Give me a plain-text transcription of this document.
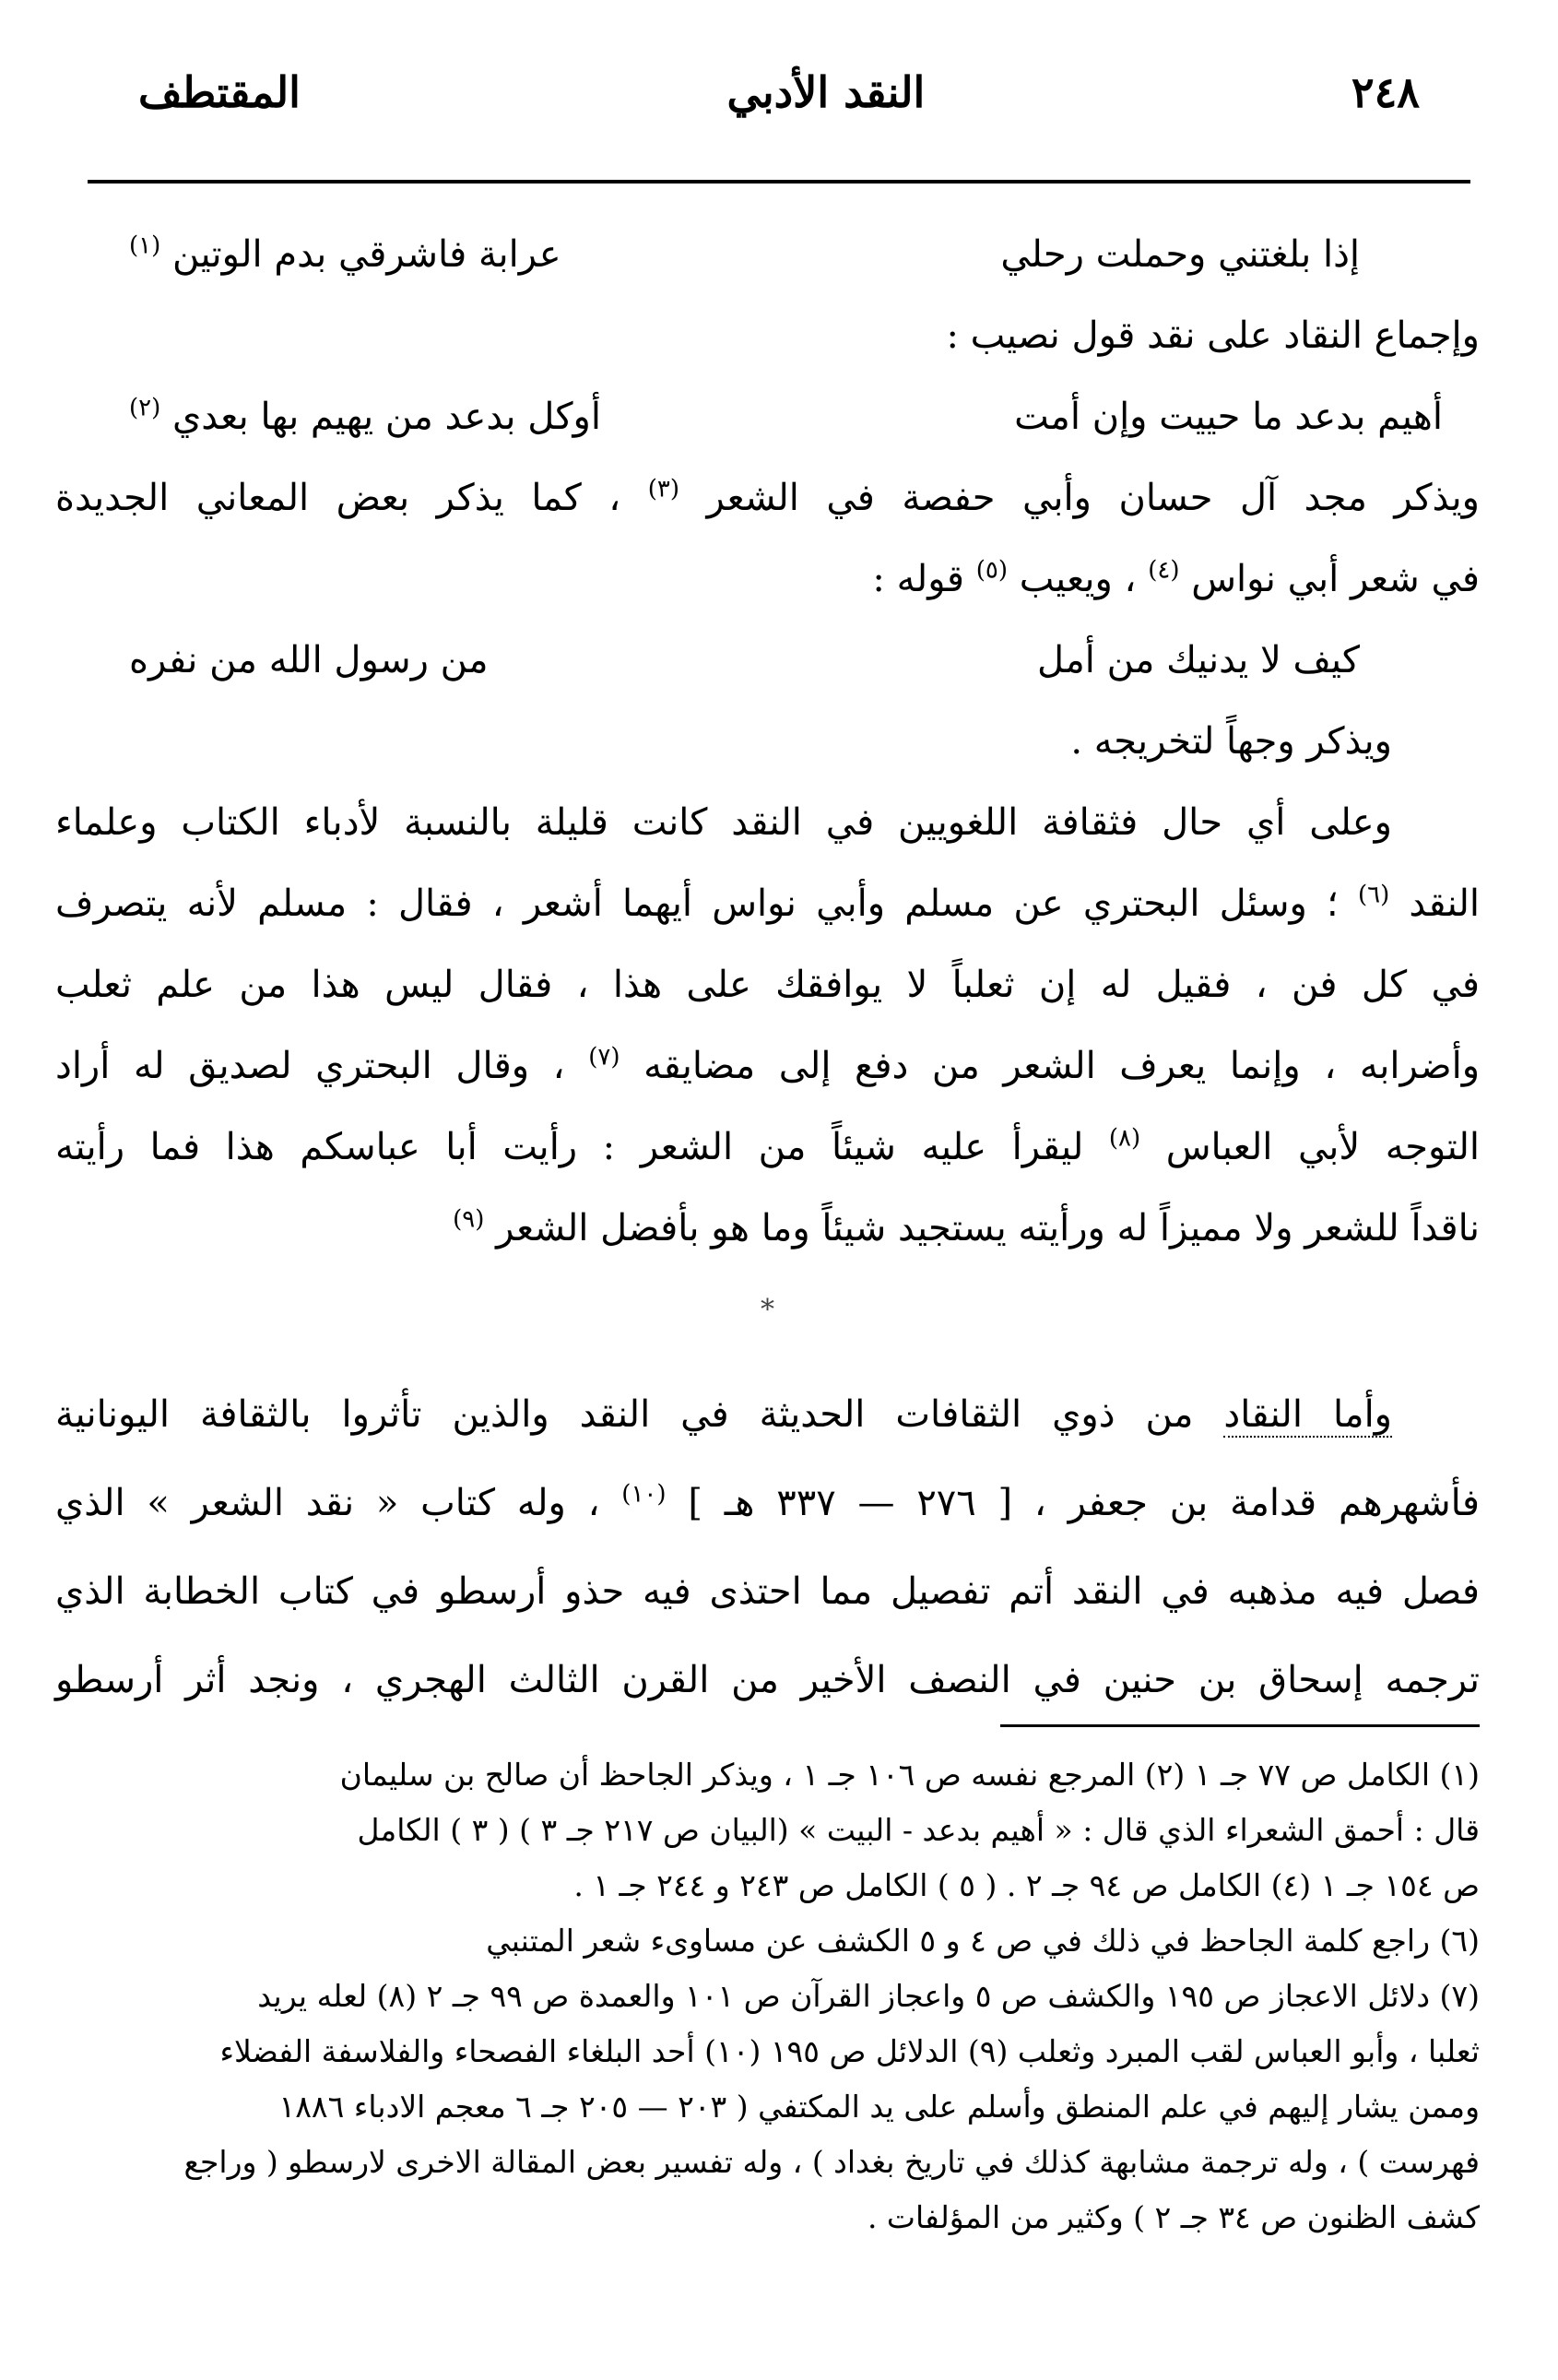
٢٤٨
النقد الأدبي
المقتطف
إذا بلغتني وحملت رحلي
عرابة فاشرقي بدم الوتين $^{(١)}$
وإجماع النقاد على نقد قول نصيب :
أهيم بدعد ما حييت وإن أمت
أوكل بدعد من يهيم بها بعدي $^{(٢)}$
ويذكر مجد آل حسان وأبي حفصة في الشعر $^{(٣)}$ ، كما يذكر بعض المعاني الجديدة
في شعر أبي نواس $^{(٤)}$ ، ويعيب $^{(٥)}$ قوله :
كيف لا يدنيك من أمل
من رسول الله من نفره
ويذكر وجهاً لتخريجه .
وعلى أي حال فثقافة اللغويين في النقد كانت قليلة بالنسبة لأدباء الكتاب وعلماء
النقد $^{(٦)}$ ؛ وسئل البحتري عن مسلم وأبي نواس أيهما أشعر ، فقال : مسلم لأنه يتصرف
في كل فن ، فقيل له إن ثعلباً لا يوافقك على هذا ، فقال ليس هذا من علم ثعلب
وأضرابه ، وإنما يعرف الشعر من دفع إلى مضايقه $^{(٧)}$ ، وقال البحتري لصديق له أراد
التوجه لأبي العباس $^{(٨)}$ ليقرأ عليه شيئاً من الشعر : رأيت أبا عباسكم هذا فما رأيته
ناقداً للشعر ولا مميزاً له ورأيته يستجيد شيئاً وما هو بأفضل الشعر $^{(٩)}$
*
وأما النقاد من ذوي الثقافات الحديثة في النقد والذين تأثروا بالثقافة اليونانية
فأشهرهم قدامة بن جعفر ، [ ٢٧٦ — ٣٣٧ هـ ] $^{(١٠)}$ ، وله كتاب « نقد الشعر » الذي
فصل فيه مذهبه في النقد أتم تفصيل مما احتذى فيه حذو أرسطو في كتاب الخطابة الذي
ترجمه إسحاق بن حنين في النصف الأخير من القرن الثالث الهجري ، ونجد أثر أرسطو
(١) الكامل ص ٧٧ جـ ١ (٢) المرجع نفسه ص ١٠٦ جـ ١ ، ويذكر الجاحظ أن صالح بن سليمان
قال : أحمق الشعراء الذي قال : « أهيم بدعد - البيت » (البيان ص ٢١٧ جـ ٣ ) ( ٣ ) الكامل
ص ١٥٤ جـ ١ (٤) الكامل ص ٩٤ جـ ٢ . ( ٥ ) الكامل ص ٢٤٣ و ٢٤٤ جـ ١ .
(٦) راجع كلمة الجاحظ في ذلك في ص ٤ و ٥ الكشف عن مساوىء شعر المتنبي
(٧) دلائل الاعجاز ص ١٩٥ والكشف ص ٥ واعجاز القرآن ص ١٠١ والعمدة ص ٩٩ جـ ٢ (٨) لعله يريد
ثعلبا ، وأبو العباس لقب المبرد وثعلب (٩) الدلائل ص ١٩٥ (١٠) أحد البلغاء الفصحاء والفلاسفة الفضلاء
وممن يشار إليهم في علم المنطق وأسلم على يد المكتفي ( ٢٠٣ — ٢٠٥ جـ ٦ معجم الادباء ١٨٨٦
فهرست ) ، وله ترجمة مشابهة كذلك في تاريخ بغداد ) ، وله تفسير بعض المقالة الاخرى لارسطو ( وراجع
كشف الظنون ص ٣٤ جـ ٢ ) وكثير من المؤلفات .
